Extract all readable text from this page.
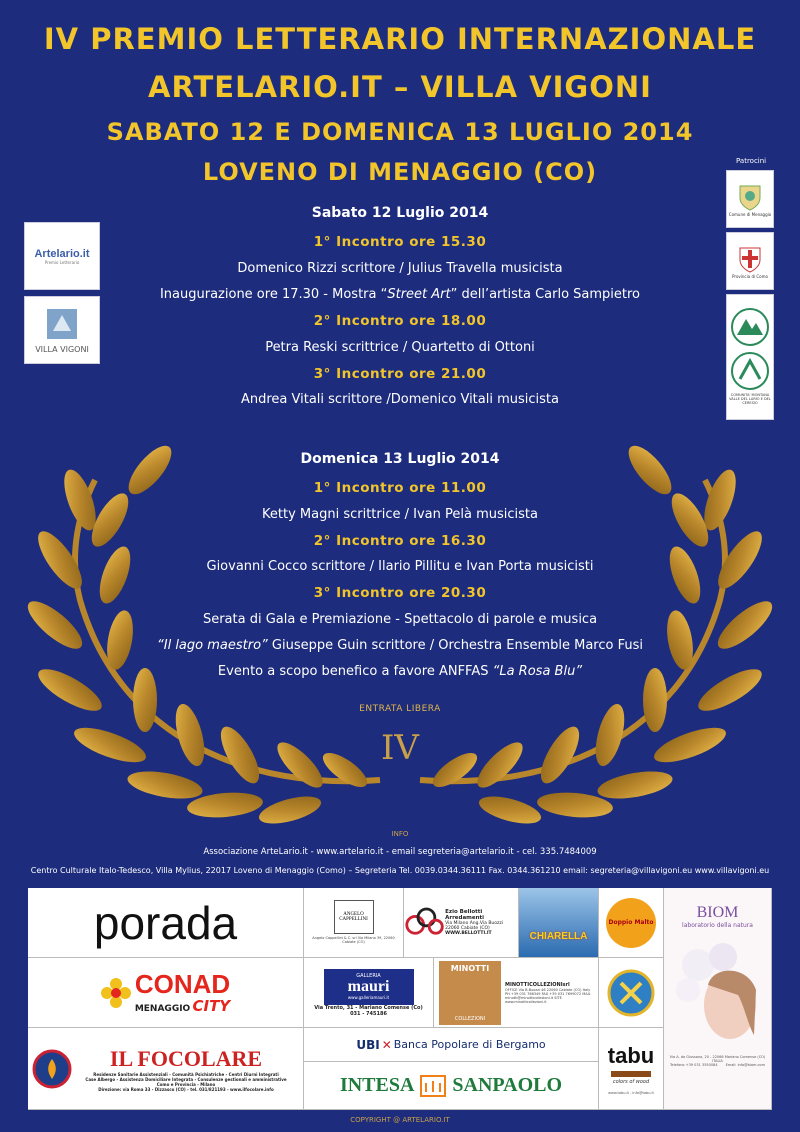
IV PREMIO LETTERARIO INTERNAZIONALE
ARTELARIO.IT – VILLA VIGONI
SABATO 12 E DOMENICA 13 LUGLIO 2014
LOVENO DI MENAGGIO (CO)
Sabato 12 Luglio 2014
1° Incontro ore 15.30
Domenico Rizzi scrittore / Julius Travella musicista
Inaugurazione ore 17.30 - Mostra “Street Art” dell’artista Carlo Sampietro
2° Incontro ore 18.00
Petra Reski scrittrice / Quartetto di Ottoni
3° Incontro ore 21.00
Andrea Vitali scrittore /Domenico Vitali musicista
Domenica 13 Luglio 2014
1° Incontro ore 11.00
Ketty Magni scrittrice / Ivan Pelà musicista
2° Incontro ore 16.30
Giovanni Cocco scrittore / Ilario Pillitu e Ivan Porta musicisti
3° Incontro ore 20.30
Serata di Gala e Premiazione - Spettacolo di parole e musica
“Il lago maestro” Giuseppe Guin scrittore / Orchestra Ensemble Marco Fusi
Evento a scopo benefico a favore ANFFAS “La Rosa Blu”
ENTRATA LIBERA
IV
Artelario.it
Premio Letterario
VILLA VIGONI
Patrocini
Comune di Menaggio
Provincia di Como
COMUNITA' MONTANA VALLE DEL LARIO E DEL CERESIO
INFO
Associazione ArteLario.it - www.artelario.it - email segreteria@artelario.it - cel. 335.7484009
Centro Culturale Italo-Tedesco, Villa Mylius, 22017 Loveno di Menaggio (Como) – Segreteria Tel. 0039.0344.36111 Fax. 0344.361210 email: segreteria@villavigoni.eu www.villavigoni.eu
porada	ANGELO CAPPELLINI
Angelo Cappellini & C. srl Via Milano 39, 22060 Cabiate (CO)
Ezio Bellotti Arredamenti
Via Milano Ang.Via Buozzi
22060 Cabiate (CO)
WWW.BELLOTTI.IT	CHIARELLA
Doppio Malto
BIOM
laboratorio della natura
Via A. da Giussano, 20 - 22066 Mariano Comense (CO) ITALIA
Telefono +39 031 3550084 Email: info@biom.com
CONAD
MENAGGIO CITY
GALLERIA
mauri
www.galleriamauri.it
Via Trento, 31 - Mariano Comense (Co)
031 - 745186
MINOTTI
COLLEZIONI
MINOTTICOLLEZIONIsrl
OFFICE Via B.Buozzi 46 22060 Cabiate (CO) Italy PH +39 031 766349 FAX +39 031 7699072 MAIL minotti@minotticollezioni.it SITE www.minotticollezioni.it
IL FOCOLARE
Residenze Sanitarie Assistenziali - Comunità Psichiatriche - Centri Diurni Integrati
Case Albergo - Assistenza Domiciliare Integrata - Consulenze gestionali e amministrative
Como e Provincia - Milano
Direzione: via Roma 33 - Dizzasco (CO) - tel. 031/821193 - www.ilfocolare.info
UBI ✕ Banca Popolare di Bergamo
INTESA SANPAOLO
tabu
colors of wood
www.tabu.it - info@tabu.it
COPYRIGHT @ ARTELARIO.IT
